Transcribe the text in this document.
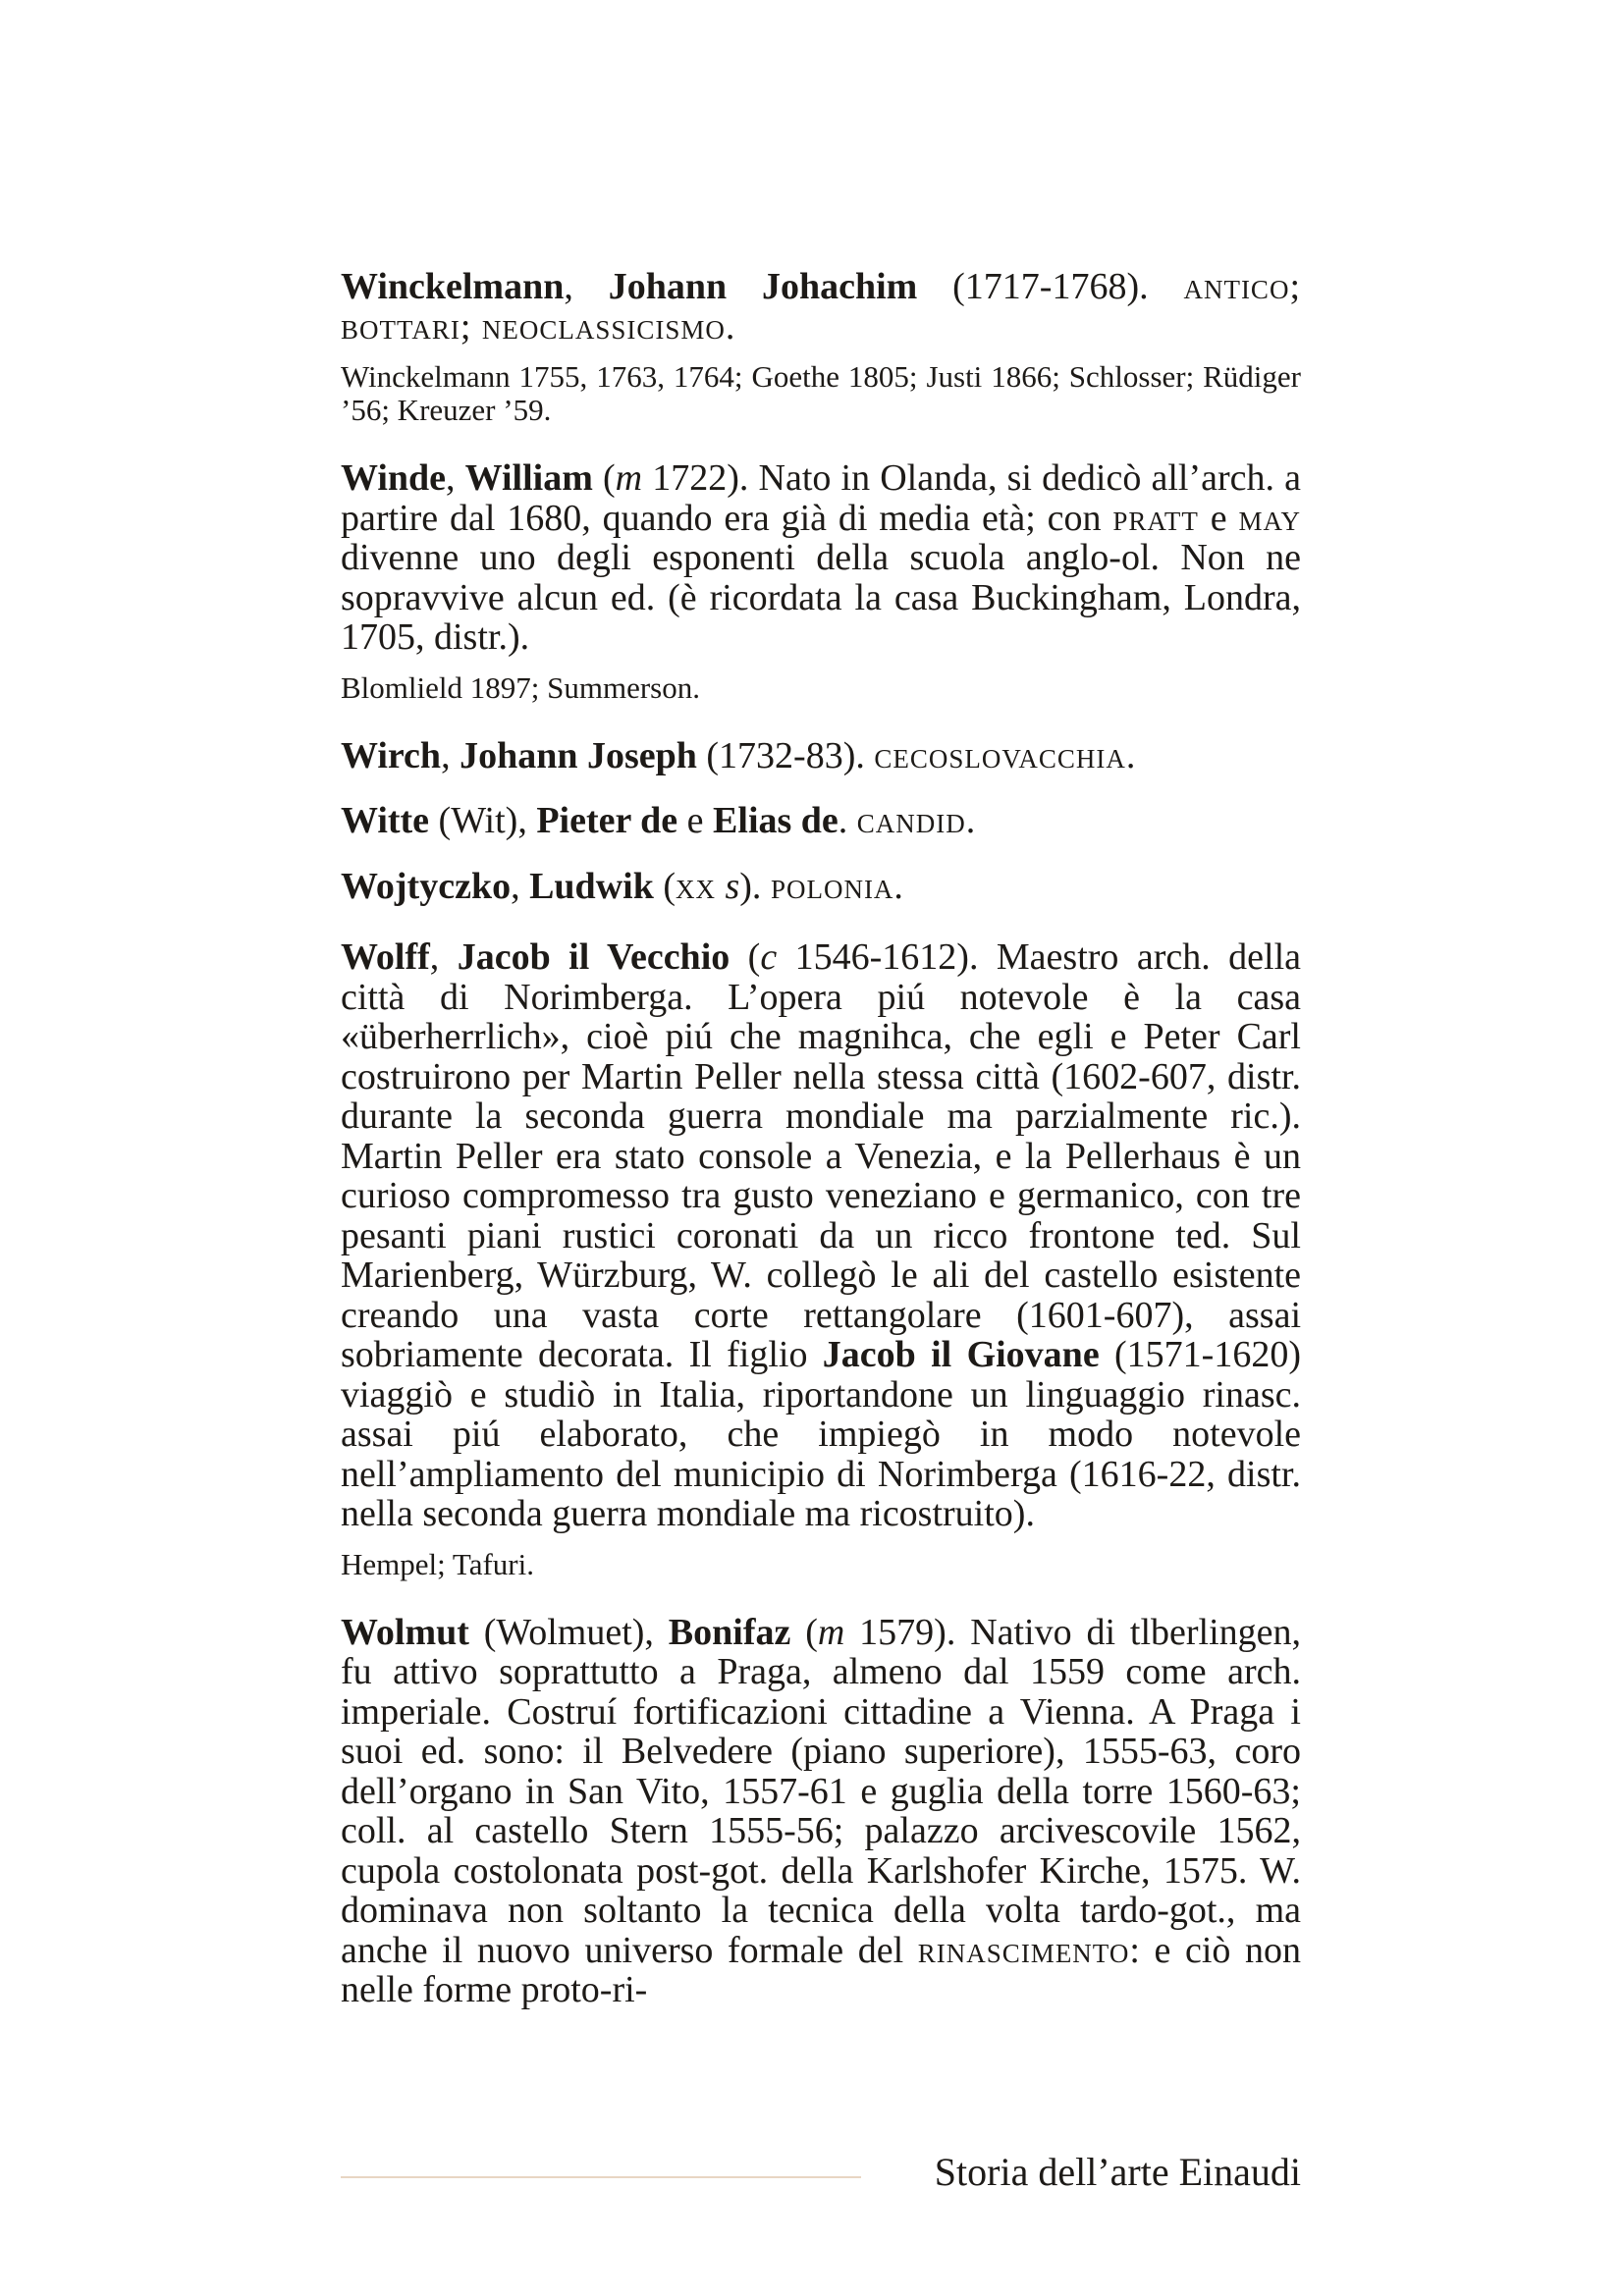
Winckelmann, Johann Johachim (1717-1768). antico; bottari; neoclassicismo.

Winckelmann 1755, 1763, 1764; Goethe 1805; Justi 1866; Schlosser; Rüdiger ’56; Kreuzer ’59.

Winde, William (m 1722). Nato in Olanda, si dedicò all’arch. a partire dal 1680, quando era già di media età; con pratt e may divenne uno degli esponenti della scuola anglo-ol. Non ne sopravvive alcun ed. (è ricordata la casa Buckingham, Londra, 1705, distr.).

Blomlield 1897; Summerson.

Wirch, Johann Joseph (1732-83). cecoslovacchia.

Witte (Wit), Pieter de e Elias de. candid.

Wojtyczko, Ludwik (xx s). polonia.

Wolff, Jacob il Vecchio (c 1546-1612). Maestro arch. della città di Norimberga. L’opera piú notevole è la casa «überherrlich», cioè piú che magnihca, che egli e Peter Carl costruirono per Martin Peller nella stessa città (1602-607, distr. durante la seconda guerra mondiale ma parzialmente ric.). Martin Peller era stato console a Venezia, e la Pellerhaus è un curioso compromesso tra gusto veneziano e germanico, con tre pesanti piani rustici coronati da un ricco frontone ted. Sul Marienberg, Würzburg, W. collegò le ali del castello esistente creando una vasta corte rettangolare (1601-607), assai sobriamente decorata. Il figlio Jacob il Giovane (1571-1620) viaggiò e studiò in Italia, riportandone un linguaggio rinasc. assai piú elaborato, che impiegò in modo notevole nell’ampliamento del municipio di Norimberga (1616-22, distr. nella seconda guerra mondiale ma ricostruito).

Hempel; Tafuri.

Wolmut (Wolmuet), Bonifaz (m 1579). Nativo di tlberlingen, fu attivo soprattutto a Praga, almeno dal 1559 come arch. imperiale. Costruí fortificazioni cittadine a Vienna. A Praga i suoi ed. sono: il Belvedere (piano superiore), 1555-63, coro dell’organo in San Vito, 1557-61 e guglia della torre 1560-63; coll. al castello Stern 1555-56; palazzo arcivescovile 1562, cupola costolonata post-got. della Karlshofer Kirche, 1575. W. dominava non soltanto la tecnica della volta tardo-got., ma anche il nuovo universo formale del rinascimento: e ciò non nelle forme proto-ri-

Storia dell’arte Einaudi
